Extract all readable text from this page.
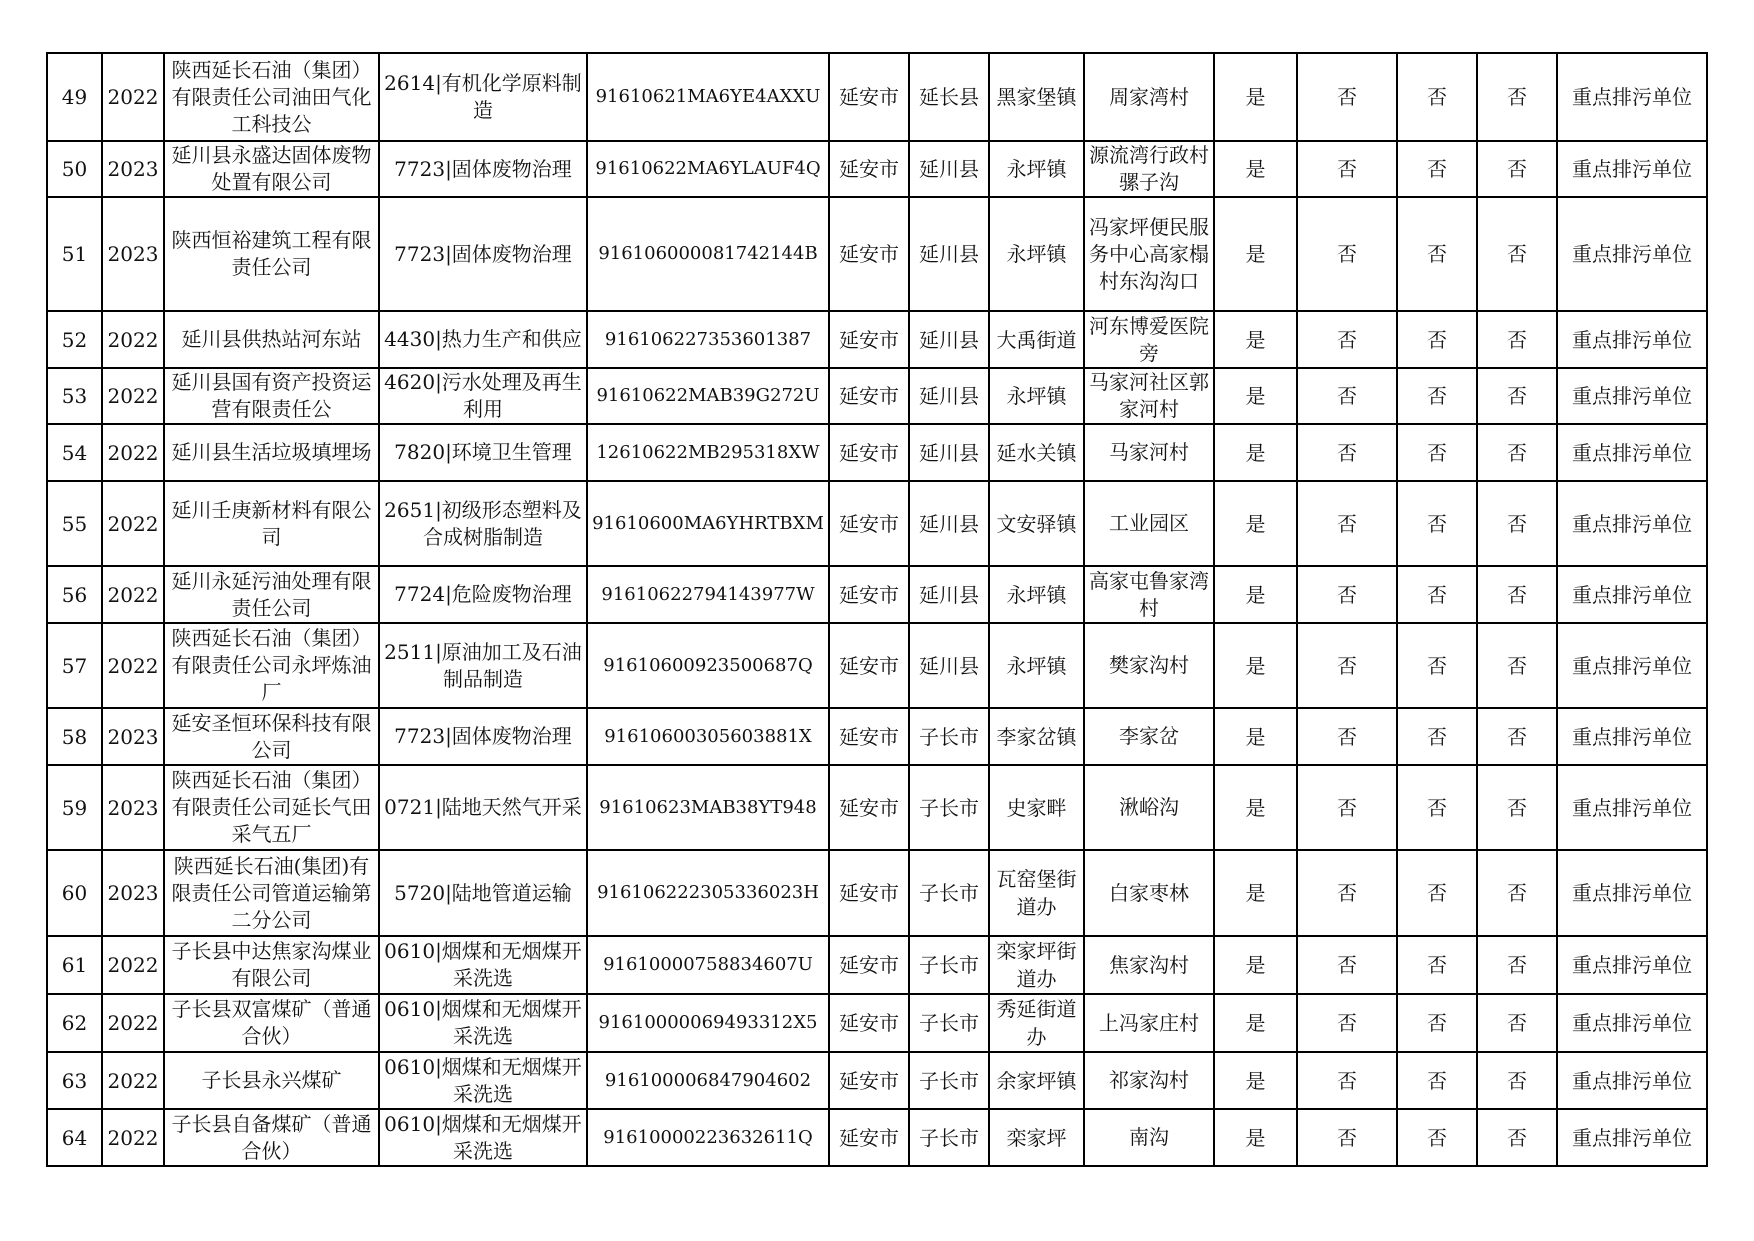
49	2022	陕西延长石油（集团）有限责任公司油田气化工科技公	2614|有机化学原料制造	91610621MA6YE4AXXU	延安市	延长县	黑家堡镇	周家湾村	是	否	否	否	重点排污单位
50	2023	延川县永盛达固体废物处置有限公司	7723|固体废物治理	91610622MA6YLAUF4Q	延安市	延川县	永坪镇	源流湾行政村骡子沟	是	否	否	否	重点排污单位
51	2023	陕西恒裕建筑工程有限责任公司	7723|固体废物治理	916106000081742144B	延安市	延川县	永坪镇	冯家坪便民服务中心高家榻村东沟沟口	是	否	否	否	重点排污单位
52	2022	延川县供热站河东站	4430|热力生产和供应	916106227353601387	延安市	延川县	大禹街道	河东博爱医院旁	是	否	否	否	重点排污单位
53	2022	延川县国有资产投资运营有限责任公	4620|污水处理及再生利用	91610622MAB39G272U	延安市	延川县	永坪镇	马家河社区郭家河村	是	否	否	否	重点排污单位
54	2022	延川县生活垃圾填埋场	7820|环境卫生管理	12610622MB295318XW	延安市	延川县	延水关镇	马家河村	是	否	否	否	重点排污单位
55	2022	延川壬庚新材料有限公司	2651|初级形态塑料及合成树脂制造	91610600MA6YHRTBXM	延安市	延川县	文安驿镇	工业园区	是	否	否	否	重点排污单位
56	2022	延川永延污油处理有限责任公司	7724|危险废物治理	91610622794143977W	延安市	延川县	永坪镇	高家屯鲁家湾村	是	否	否	否	重点排污单位
57	2022	陕西延长石油（集团）有限责任公司永坪炼油厂	2511|原油加工及石油制品制造	91610600923500687Q	延安市	延川县	永坪镇	樊家沟村	是	否	否	否	重点排污单位
58	2023	延安圣恒环保科技有限公司	7723|固体废物治理	91610600305603881X	延安市	子长市	李家岔镇	李家岔	是	否	否	否	重点排污单位
59	2023	陕西延长石油（集团）有限责任公司延长气田采气五厂	0721|陆地天然气开采	91610623MAB38YT948	延安市	子长市	史家畔	湫峪沟	是	否	否	否	重点排污单位
60	2023	陕西延长石油(集团)有限责任公司管道运输第二分公司	5720|陆地管道运输	916106222305336023H	延安市	子长市	瓦窑堡街道办	白家枣林	是	否	否	否	重点排污单位
61	2022	子长县中达焦家沟煤业有限公司	0610|烟煤和无烟煤开采洗选	91610000758834607U	延安市	子长市	栾家坪街道办	焦家沟村	是	否	否	否	重点排污单位
62	2022	子长县双富煤矿（普通合伙）	0610|烟煤和无烟煤开采洗选	91610000069493312X5	延安市	子长市	秀延街道办	上冯家庄村	是	否	否	否	重点排污单位
63	2022	子长县永兴煤矿	0610|烟煤和无烟煤开采洗选	916100006847904602	延安市	子长市	余家坪镇	祁家沟村	是	否	否	否	重点排污单位
64	2022	子长县自备煤矿（普通合伙）	0610|烟煤和无烟煤开采洗选	91610000223632611Q	延安市	子长市	栾家坪	南沟	是	否	否	否	重点排污单位
